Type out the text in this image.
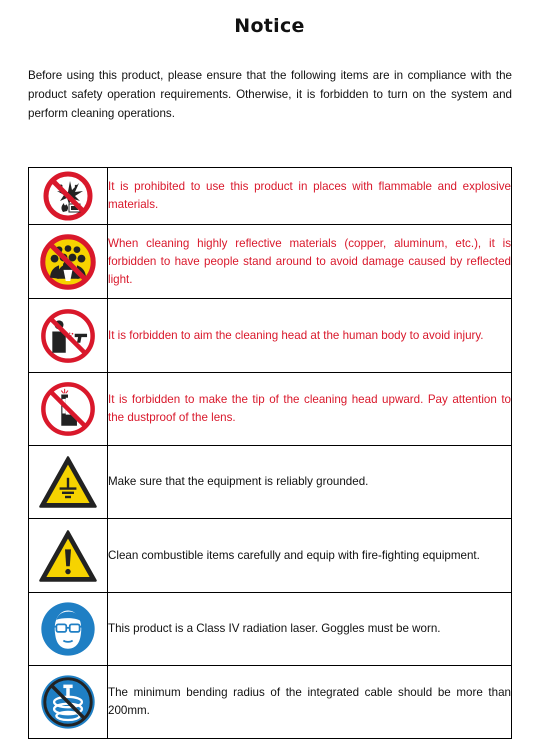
Notice

Before using this product, please ensure that the following items are in compliance with the product safety operation requirements. Otherwise, it is forbidden to turn on the system and perform cleaning operations.

	It is prohibited to use this product in places with flammable and explosive materials.

	When cleaning highly reflective materials (copper, aluminum, etc.), it is forbidden to have people stand around to avoid damage caused by reflected light.

	It is forbidden to aim the cleaning head at the human body to avoid injury.

	It is forbidden to make the tip of the cleaning head upward. Pay attention to the dustproof of the lens.

	Make sure that the equipment is reliably grounded.

	Clean combustible items carefully and equip with fire-fighting equipment.

	This product is a Class IV radiation laser. Goggles must be worn.

	The minimum bending radius of the integrated cable should be more than 200mm.
